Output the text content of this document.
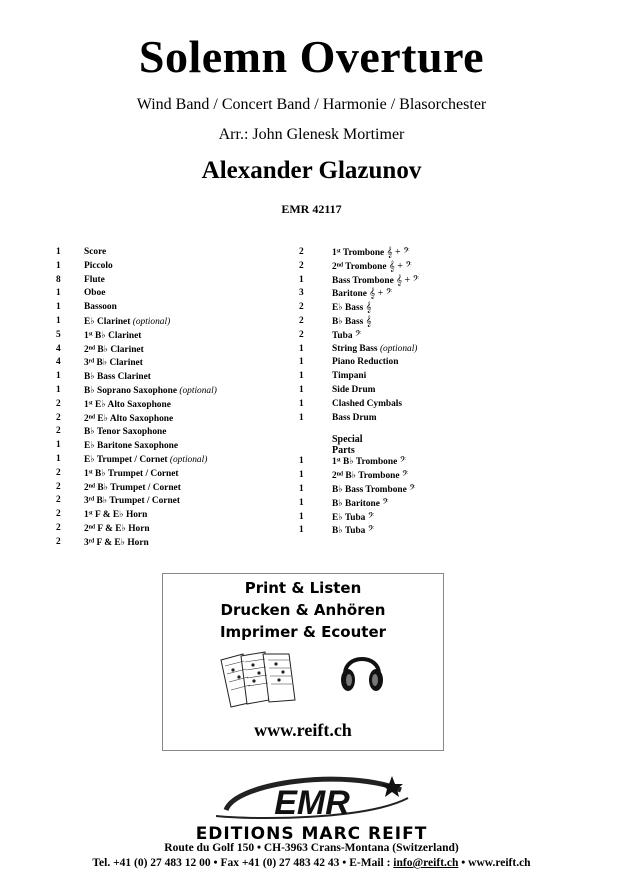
Solemn Overture
Wind Band / Concert Band / Harmonie / Blasorchester
Arr.: John Glenesk Mortimer
Alexander Glazunov
EMR 42117
1	Score
1	Piccolo
8	Flute
1	Oboe
1	Bassoon
1	E♭ Clarinet (optional)
5	1ˢᵗ B♭ Clarinet
4	2ⁿᵈ B♭ Clarinet
4	3ʳᵈ B♭ Clarinet
1	B♭ Bass Clarinet
1	B♭ Soprano Saxophone (optional)
2	1ˢᵗ E♭ Alto Saxophone
2	2ⁿᵈ E♭ Alto Saxophone
2	B♭ Tenor Saxophone
1	E♭ Baritone Saxophone
1	E♭ Trumpet / Cornet (optional)
2	1ˢᵗ B♭ Trumpet / Cornet
2	2ⁿᵈ B♭ Trumpet / Cornet
2	3ʳᵈ B♭ Trumpet / Cornet
2	1ˢᵗ F & E♭ Horn
2	2ⁿᵈ F & E♭ Horn
2	3ʳᵈ F & E♭ Horn
2	1ˢᵗ Trombone 𝄞 + 𝄢
2	2ⁿᵈ Trombone 𝄞 + 𝄢
1	Bass Trombone 𝄞 + 𝄢
3	Baritone 𝄞 + 𝄢
2	E♭ Bass 𝄞
2	B♭ Bass 𝄞
2	Tuba 𝄢
1	String Bass (optional)
1	Piano Reduction
1	Timpani
1	Side Drum
1	Clashed Cymbals
1	Bass Drum
Special Parts
1	1ˢᵗ B♭ Trombone 𝄢
1	2ⁿᵈ B♭ Trombone 𝄢
1	B♭ Bass Trombone 𝄢
1	B♭ Baritone 𝄢
1	E♭ Tuba 𝄢
1	B♭ Tuba 𝄢
Print & Listen
Drucken & Anhören
Imprimer & Ecouter
www.reift.ch
EMR
EDITIONS MARC REIFT
Route du Golf 150 • CH-3963 Crans-Montana (Switzerland)
Tel. +41 (0) 27 483 12 00 • Fax +41 (0) 27 483 42 43 • E-Mail : info@reift.ch • www.reift.ch
